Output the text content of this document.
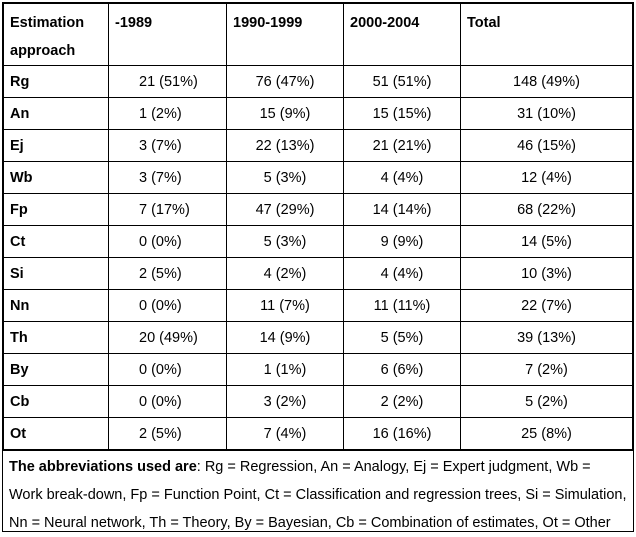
Estimation approach	-1989	1990-1999	2000-2004	Total
Rg	21 (51%)	76 (47%)	51 (51%)	148 (49%)
An	1 (2%)	15 (9%)	15 (15%)	31 (10%)
Ej	3 (7%)	22 (13%)	21 (21%)	46 (15%)
Wb	3 (7%)	5 (3%)	4 (4%)	12 (4%)
Fp	7 (17%)	47 (29%)	14 (14%)	68 (22%)
Ct	0 (0%)	5 (3%)	9 (9%)	14 (5%)
Si	2 (5%)	4 (2%)	4 (4%)	10 (3%)
Nn	0 (0%)	11 (7%)	11 (11%)	22 (7%)
Th	20 (49%)	14 (9%)	5 (5%)	39 (13%)
By	0 (0%)	1 (1%)	6 (6%)	7 (2%)
Cb	0 (0%)	3 (2%)	2 (2%)	5 (2%)
Ot	2 (5%)	7 (4%)	16 (16%)	25 (8%)
The abbreviations used are: Rg = Regression, An = Analogy, Ej = Expert judgment, Wb = Work break-down, Fp = Function Point, Ct = Classification and regression trees, Si = Simulation, Nn = Neural network, Th = Theory, By = Bayesian, Cb = Combination of estimates, Ot = Other
